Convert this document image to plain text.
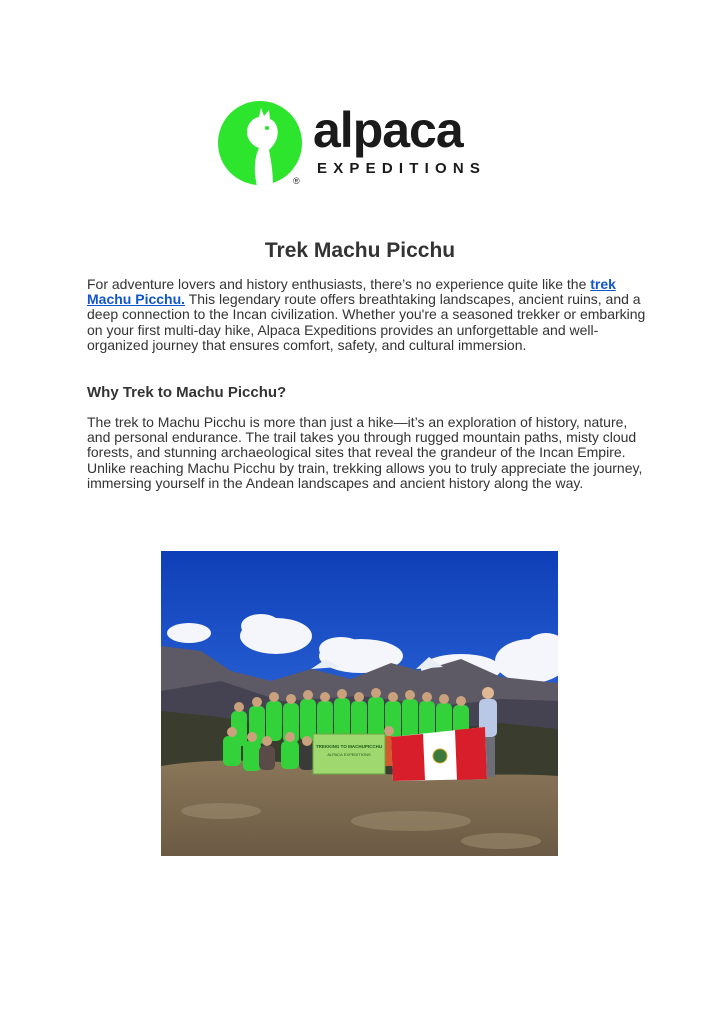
alpaca
EXPEDITIONS
®
Trek Machu Picchu

For adventure lovers and history enthusiasts, there’s no experience quite like the trek Machu Picchu. This legendary route offers breathtaking landscapes, ancient ruins, and a deep connection to the Incan civilization. Whether you're a seasoned trekker or embarking on your first multi-day hike, Alpaca Expeditions provides an unforgettable and well-organized journey that ensures comfort, safety, and cultural immersion.

Why Trek to Machu Picchu?

The trek to Machu Picchu is more than just a hike—it’s an exploration of history, nature, and personal endurance. The trail takes you through rugged mountain paths, misty cloud forests, and stunning archaeological sites that reveal the grandeur of the Incan Empire. Unlike reaching Machu Picchu by train, trekking allows you to truly appreciate the journey, immersing yourself in the Andean landscapes and ancient history along the way.

TREKKING TO MACHUPICCHU
ALPACA EXPEDITIONS
